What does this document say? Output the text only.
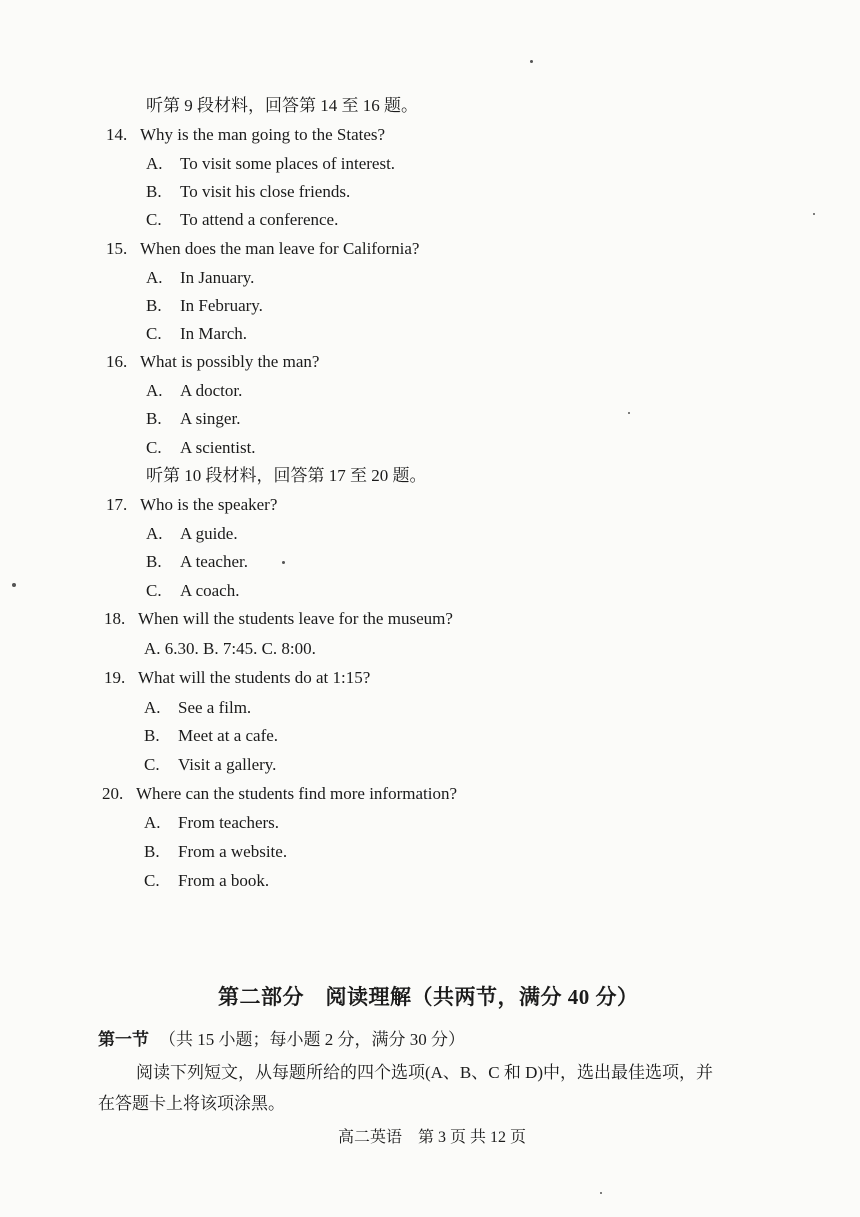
听第 9 段材料，回答第 14 至 16 题。
14. Why is the man going to the States?
A. To visit some places of interest.
B. To visit his close friends.
C. To attend a conference.
15. When does the man leave for California?
A. In January.
B. In February.
C. In March.
16. What is possibly the man?
A. A doctor.
B. A singer.
C. A scientist.
听第 10 段材料，回答第 17 至 20 题。
17. Who is the speaker?
A. A guide.
B. A teacher.
C. A coach.
18. When will the students leave for the museum?
A. 6.30. B. 7:45. C. 8:00.
19. What will the students do at 1:15?
A. See a film.
B. Meet at a cafe.
C. Visit a gallery.
20. Where can the students find more information?
A. From teachers.
B. From a website.
C. From a book.
第二部分　阅读理解（共两节，满分 40 分）
第一节 （共 15 小题；每小题 2 分，满分 30 分）
阅读下列短文，从每题所给的四个选项(A、B、C 和 D)中，选出最佳选项，并
在答题卡上将该项涂黑。
高二英语　第 3 页 共 12 页
